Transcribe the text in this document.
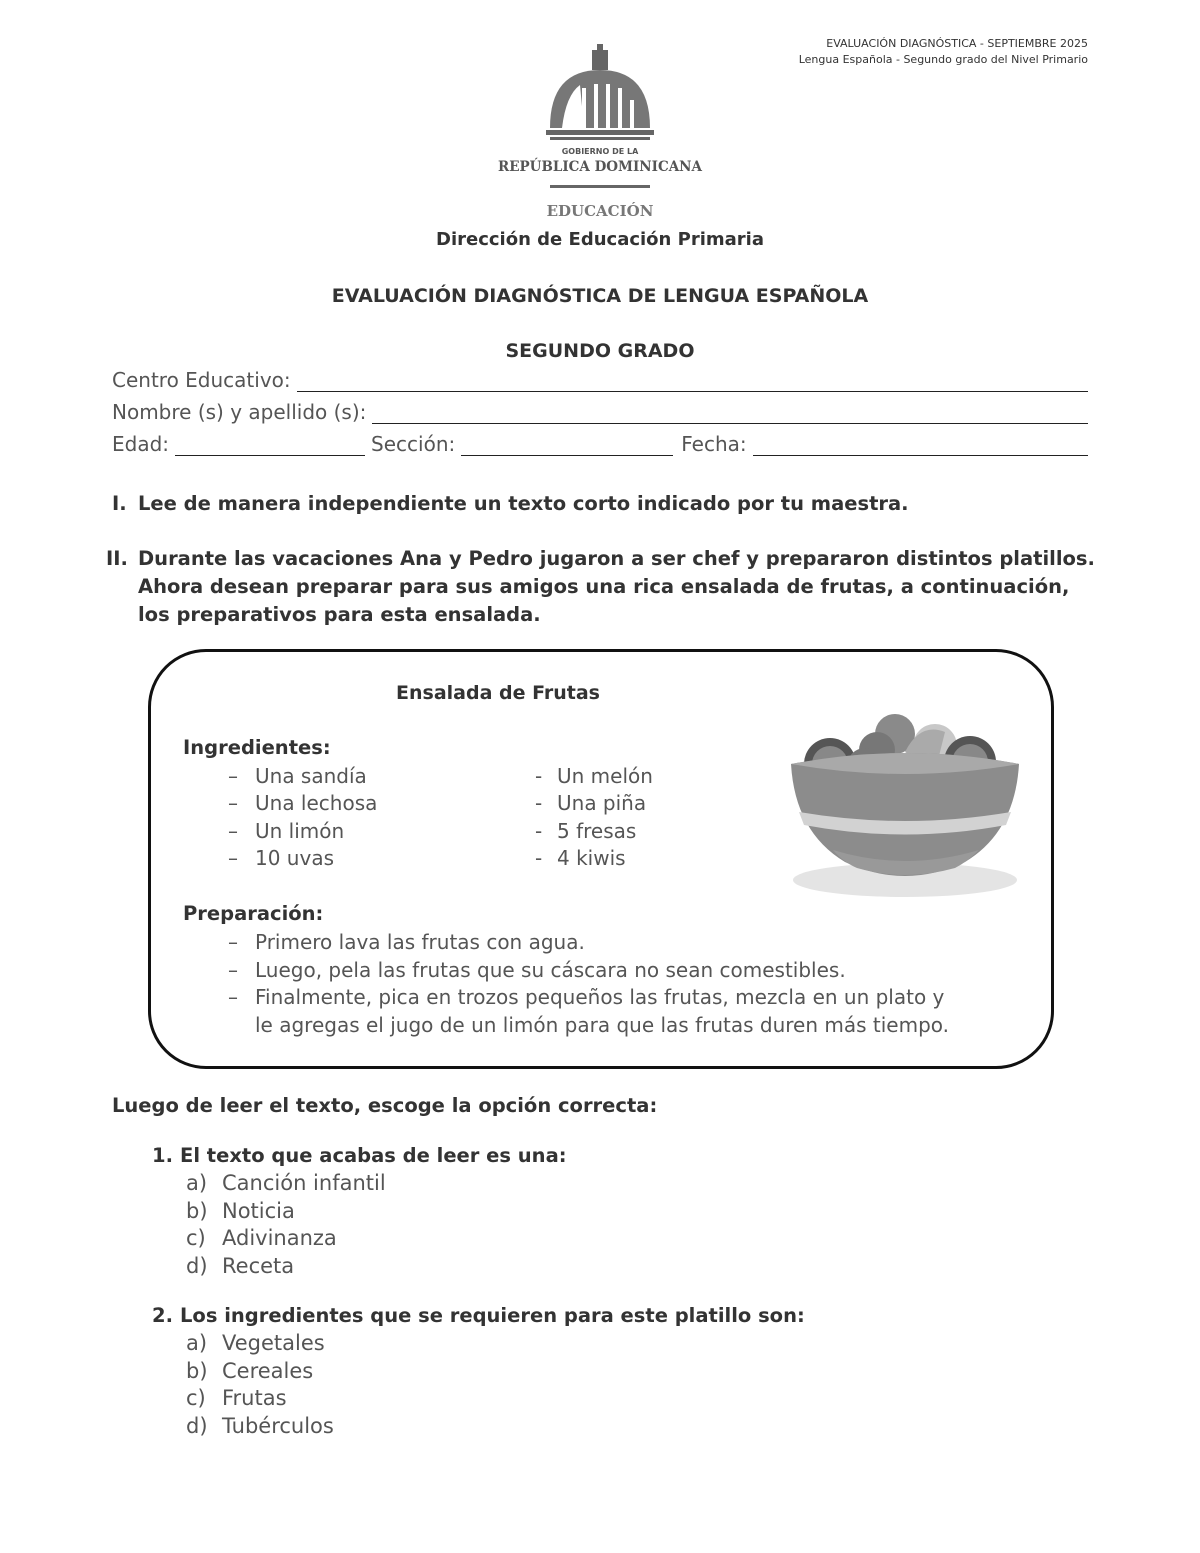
EVALUACIÓN DIAGNÓSTICA - SEPTIEMBRE 2025
Lengua Española - Segundo grado del Nivel Primario
GOBIERNO DE LA
REPÚBLICA DOMINICANA
EDUCACIÓN
Dirección de Educación Primaria
EVALUACIÓN DIAGNÓSTICA DE LENGUA ESPAÑOLA
SEGUNDO GRADO
Centro Educativo:
Nombre (s) y apellido (s):
Edad:	Sección:	Fecha:
I. Lee de manera independiente un texto corto indicado por tu maestra.
II. Durante las vacaciones Ana y Pedro jugaron a ser chef y prepararon distintos platillos.
Ahora desean preparar para sus amigos una rica ensalada de frutas, a continuación,
los preparativos para esta ensalada.
Ensalada de Frutas
Ingredientes:
– Una sandía
– Una lechosa
– Un limón
– 10 uvas
- Un melón
- Una piña
- 5 fresas
- 4 kiwis
Preparación:
– Primero lava las frutas con agua.
– Luego, pela las frutas que su cáscara no sean comestibles.
– Finalmente, pica en trozos pequeños las frutas, mezcla en un plato y
le agregas el jugo de un limón para que las frutas duren más tiempo.
Luego de leer el texto, escoge la opción correcta:
1. El texto que acabas de leer es una:
a) Canción infantil
b) Noticia
c) Adivinanza
d) Receta
2. Los ingredientes que se requieren para este platillo son:
a) Vegetales
b) Cereales
c) Frutas
d) Tubérculos
